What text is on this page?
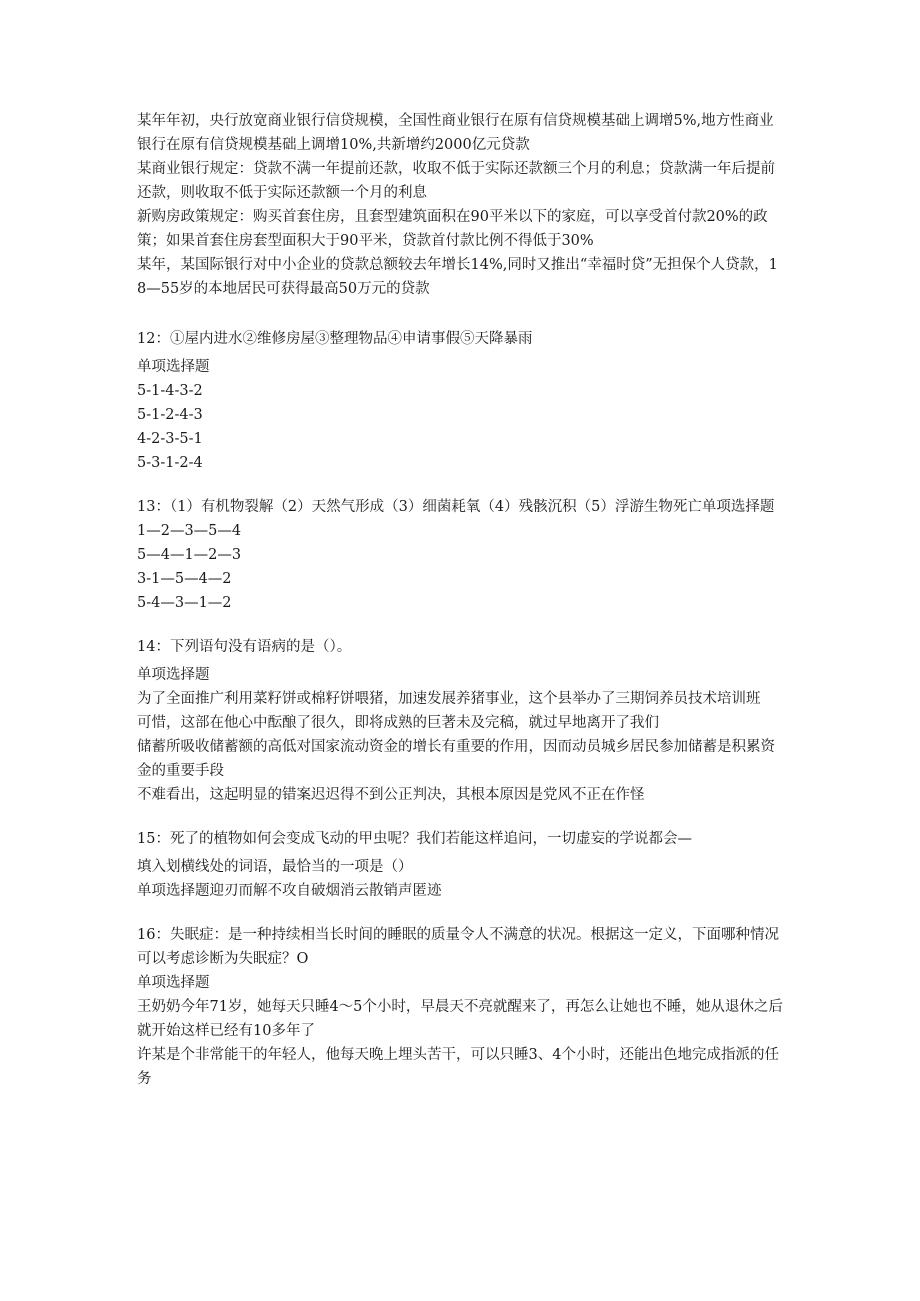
某年年初，央行放宽商业银行信贷规模，全国性商业银行在原有信贷规模基础上调增5%,地方性商业银行在原有信贷规模基础上调增10%,共新增约2000亿元贷款

某商业银行规定：贷款不满一年提前还款，收取不低于实际还款额三个月的利息；贷款满一年后提前还款，则收取不低于实际还款额一个月的利息

新购房政策规定：购买首套住房，且套型建筑面积在90平米以下的家庭，可以享受首付款20%的政策；如果首套住房套型面积大于90平米，贷款首付款比例不得低于30%

某年，某国际银行对中小企业的贷款总额较去年增长14%,同时又推出“幸福时贷”无担保个人贷款，18—55岁的本地居民可获得最高50万元的贷款

12：①屋内进水②维修房屋③整理物品④申请事假⑤天降暴雨

单项选择题

5-1-4-3-2

5-1-2-4-3

4-2-3-5-1

5-3-1-2-4

13：（1）有机物裂解（2）天然气形成（3）细菌耗氧（4）残骸沉积（5）浮游生物死亡单项选择题

1—2—3—5—4

5—4—1—2—3

3-1—5—4—2

5-4—3—1—2

14：下列语句没有语病的是（）。

单项选择题

为了全面推广利用菜籽饼或棉籽饼喂猪，加速发展养猪事业，这个县举办了三期饲养员技术培训班

可惜，这部在他心中酝酿了很久，即将成熟的巨著未及完稿，就过早地离开了我们

储蓄所吸收储蓄额的高低对国家流动资金的增长有重要的作用，因而动员城乡居民参加储蓄是积累资金的重要手段

不难看出，这起明显的错案迟迟得不到公正判决，其根本原因是党风不正在作怪

15：死了的植物如何会变成飞动的甲虫呢？我们若能这样追问，一切虚妄的学说都会—

填入划横线处的词语，最恰当的一项是（）

单项选择题迎刃而解不攻自破烟消云散销声匿迹

16：失眠症：是一种持续相当长时间的睡眠的质量令人不满意的状况。根据这一定义，下面哪种情况可以考虑诊断为失眠症？O

单项选择题

王奶奶今年71岁，她每天只睡4～5个小时，早晨天不亮就醒来了，再怎么让她也不睡，她从退休之后就开始这样已经有10多年了

许某是个非常能干的年轻人，他每天晚上埋头苦干，可以只睡3、4个小时，还能出色地完成指派的任务
